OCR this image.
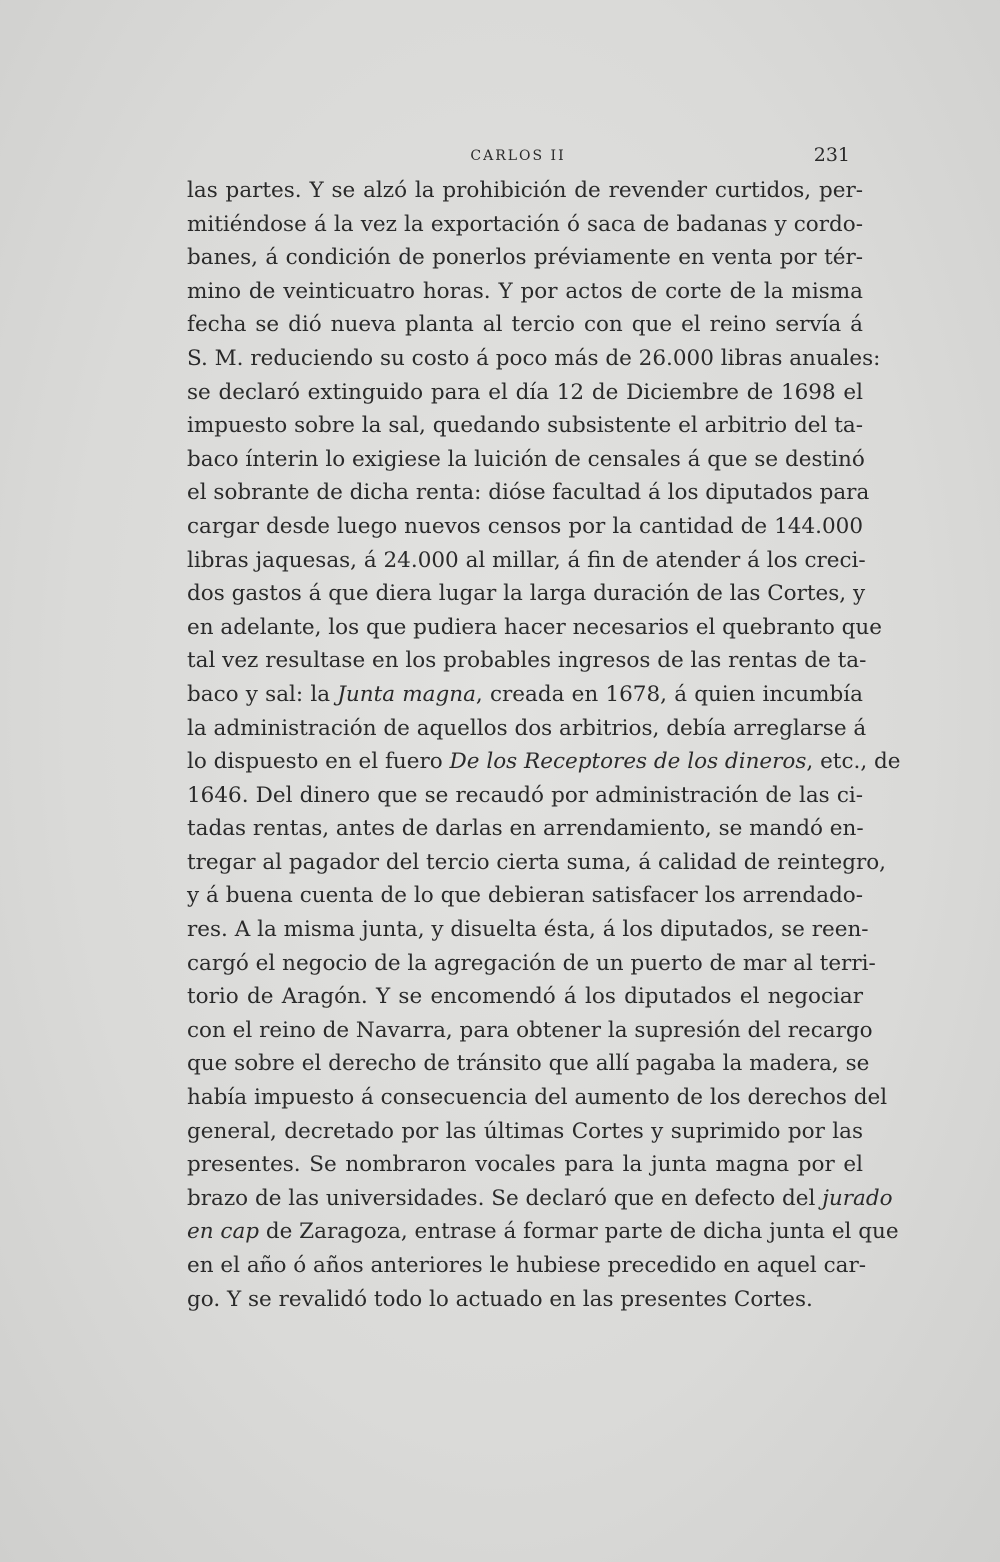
CARLOS II	231
las partes. Y se alzó la prohibición de revender curtidos, per-
mitiéndose á la vez la exportación ó saca de badanas y cordo-
banes, á condición de ponerlos préviamente en venta por tér-
mino de veinticuatro horas. Y por actos de corte de la misma
fecha se dió nueva planta al tercio con que el reino servía á
S. M. reduciendo su costo á poco más de 26.000 libras anuales:
se declaró extinguido para el día 12 de Diciembre de 1698 el
impuesto sobre la sal, quedando subsistente el arbitrio del ta-
baco ínterin lo exigiese la luición de censales á que se destinó
el sobrante de dicha renta: dióse facultad á los diputados para
cargar desde luego nuevos censos por la cantidad de 144.000
libras jaquesas, á 24.000 al millar, á fin de atender á los creci-
dos gastos á que diera lugar la larga duración de las Cortes, y
en adelante, los que pudiera hacer necesarios el quebranto que
tal vez resultase en los probables ingresos de las rentas de ta-
baco y sal: la Junta magna, creada en 1678, á quien incumbía
la administración de aquellos dos arbitrios, debía arreglarse á
lo dispuesto en el fuero De los Receptores de los dineros, etc., de
1646. Del dinero que se recaudó por administración de las ci-
tadas rentas, antes de darlas en arrendamiento, se mandó en-
tregar al pagador del tercio cierta suma, á calidad de reintegro,
y á buena cuenta de lo que debieran satisfacer los arrendado-
res. A la misma junta, y disuelta ésta, á los diputados, se reen-
cargó el negocio de la agregación de un puerto de mar al terri-
torio de Aragón. Y se encomendó á los diputados el negociar
con el reino de Navarra, para obtener la supresión del recargo
que sobre el derecho de tránsito que allí pagaba la madera, se
había impuesto á consecuencia del aumento de los derechos del
general, decretado por las últimas Cortes y suprimido por las
presentes. Se nombraron vocales para la junta magna por el
brazo de las universidades. Se declaró que en defecto del jurado
en cap de Zaragoza, entrase á formar parte de dicha junta el que
en el año ó años anteriores le hubiese precedido en aquel car-
go. Y se revalidó todo lo actuado en las presentes Cortes.
